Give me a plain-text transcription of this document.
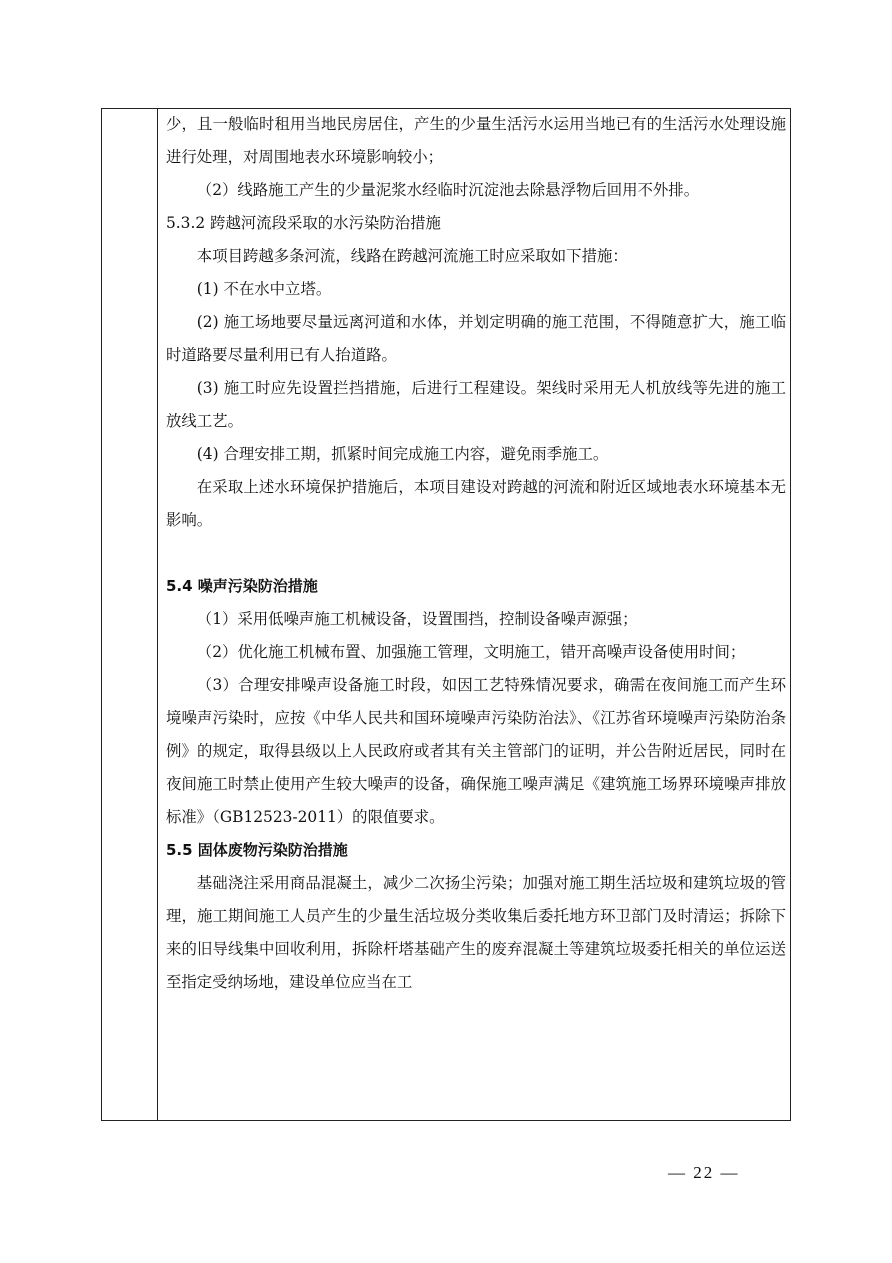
少，且一般临时租用当地民房居住，产生的少量生活污水运用当地已有的生活污水处理设施进行处理，对周围地表水环境影响较小；

（2）线路施工产生的少量泥浆水经临时沉淀池去除悬浮物后回用不外排。

5.3.2 跨越河流段采取的水污染防治措施

本项目跨越多条河流，线路在跨越河流施工时应采取如下措施：

(1) 不在水中立塔。

(2) 施工场地要尽量远离河道和水体，并划定明确的施工范围，不得随意扩大，施工临时道路要尽量利用已有人抬道路。

(3) 施工时应先设置拦挡措施，后进行工程建设。架线时采用无人机放线等先进的施工放线工艺。

(4) 合理安排工期，抓紧时间完成施工内容，避免雨季施工。

在采取上述水环境保护措施后，本项目建设对跨越的河流和附近区域地表水环境基本无影响。

5.4 噪声污染防治措施

（1）采用低噪声施工机械设备，设置围挡，控制设备噪声源强；

（2）优化施工机械布置、加强施工管理，文明施工，错开高噪声设备使用时间；

（3）合理安排噪声设备施工时段，如因工艺特殊情况要求，确需在夜间施工而产生环境噪声污染时，应按《中华人民共和国环境噪声污染防治法》、《江苏省环境噪声污染防治条例》的规定，取得县级以上人民政府或者其有关主管部门的证明，并公告附近居民，同时在夜间施工时禁止使用产生较大噪声的设备，确保施工噪声满足《建筑施工场界环境噪声排放标准》（GB12523-2011）的限值要求。

5.5 固体废物污染防治措施

基础浇注采用商品混凝土，减少二次扬尘污染；加强对施工期生活垃圾和建筑垃圾的管理，施工期间施工人员产生的少量生活垃圾分类收集后委托地方环卫部门及时清运；拆除下来的旧导线集中回收利用，拆除杆塔基础产生的废弃混凝土等建筑垃圾委托相关的单位运送至指定受纳场地，建设单位应当在工

— 22 —
